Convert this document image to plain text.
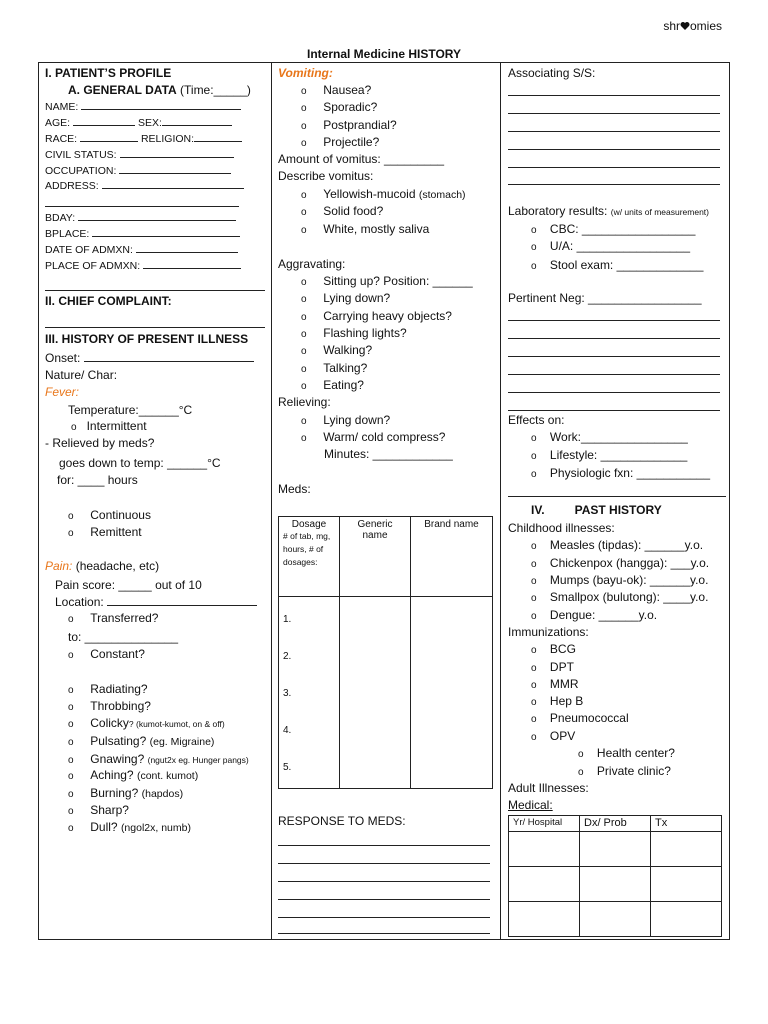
shr omies
Internal Medicine HISTORY
I. PATIENT’S PROFILE
A. GENERAL DATA (Time:_____)
NAME:
AGE:	SEX:
RACE:	RELIGION:
CIVIL STATUS:
OCCUPATION:
ADDRESS:
BDAY:
BPLACE:
DATE OF ADMXN:
PLACE OF ADMXN:
II. CHIEF COMPLAINT:
III. HISTORY OF PRESENT ILLNESS
Onset:
Nature/ Char:
Fever:
Temperature:______°C
o Intermittent
- Relieved by meds?
goes down to temp: ______°C
for: ____ hours
o Continuous
o Remittent
Pain: (headache, etc)
Pain score: _____ out of 10
Location:
o Transferred?
to: ______________
o Constant?
o Radiating?
o Throbbing?
o Colicky? (kumot-kumot, on & off)
o Pulsating? (eg. Migraine)
o Gnawing? (ngut2x eg. Hunger pangs)
o Aching? (cont. kumot)
o Burning? (hapdos)
o Sharp?
o Dull? (ngol2x, numb)
Vomiting:
o Nausea?
o Sporadic?
o Postprandial?
o Projectile?
Amount of vomitus: _________
Describe vomitus:
o Yellowish-mucoid (stomach)
o Solid food?
o White, mostly saliva
Aggravating:
o Sitting up? Position: ______
o Lying down?
o Carrying heavy objects?
o Flashing lights?
o Walking?
o Talking?
o Eating?
Relieving:
o Lying down?
o Warm/ cold compress?
Minutes: ____________
Meds:
Dosage
# of tab, mg, hours, # of dosages:	Generic name	Brand name

1.
2.
3.
4.
5.		

RESPONSE TO MEDS:
Associating S/S:
Laboratory results: (w/ units of measurement)
o CBC: _________________
o U/A: _________________
o Stool exam: _____________
Pertinent Neg: _________________
Effects on:
o Work:________________
o Lifestyle: _____________
o Physiologic fxn: ___________
IV.	PAST HISTORY
Childhood illnesses:
o Measles (tipdas): ______y.o.
o Chickenpox (hangga): ___y.o.
o Mumps (bayu-ok): ______y.o.
o Smallpox (bulutong): ____y.o.
o Dengue: ______y.o.
Immunizations:
o BCG
o DPT
o MMR
o Hep B
o Pneumococcal
o OPV
o Health center?
o Private clinic?
Adult Illnesses:
Medical:
Yr/ Hospital	Dx/ Prob	Tx
